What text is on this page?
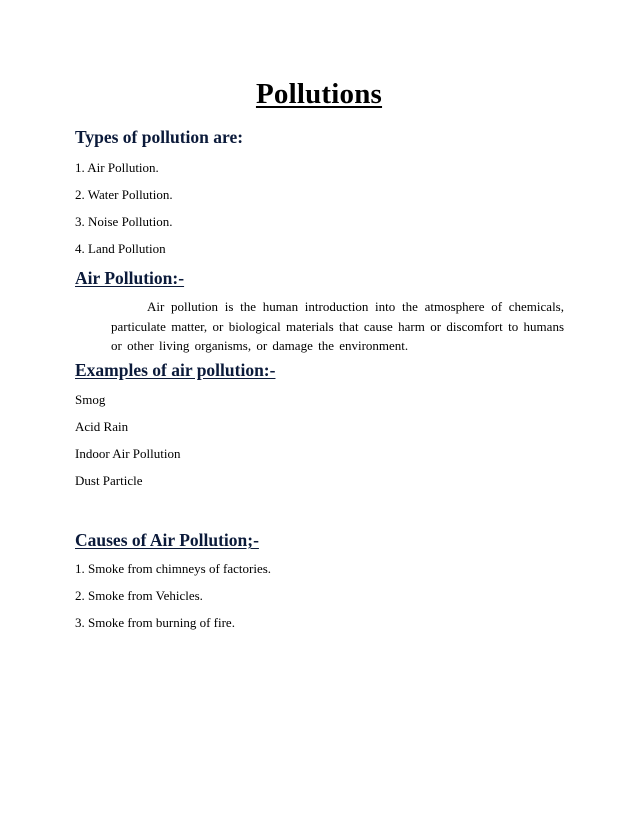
Pollutions
Types of pollution are:
1. Air Pollution.
2. Water Pollution.
3. Noise Pollution.
4. Land Pollution
Air Pollution:-
Air pollution is the human introduction into the atmosphere of chemicals, particulate matter, or biological materials that cause harm or discomfort to humans or other living organisms, or damage the environment.
Examples of air pollution:-
Smog
Acid Rain
Indoor Air Pollution
Dust Particle
Causes of Air Pollution;-
1. Smoke from chimneys of factories.
2. Smoke from Vehicles.
3. Smoke from burning of fire.
